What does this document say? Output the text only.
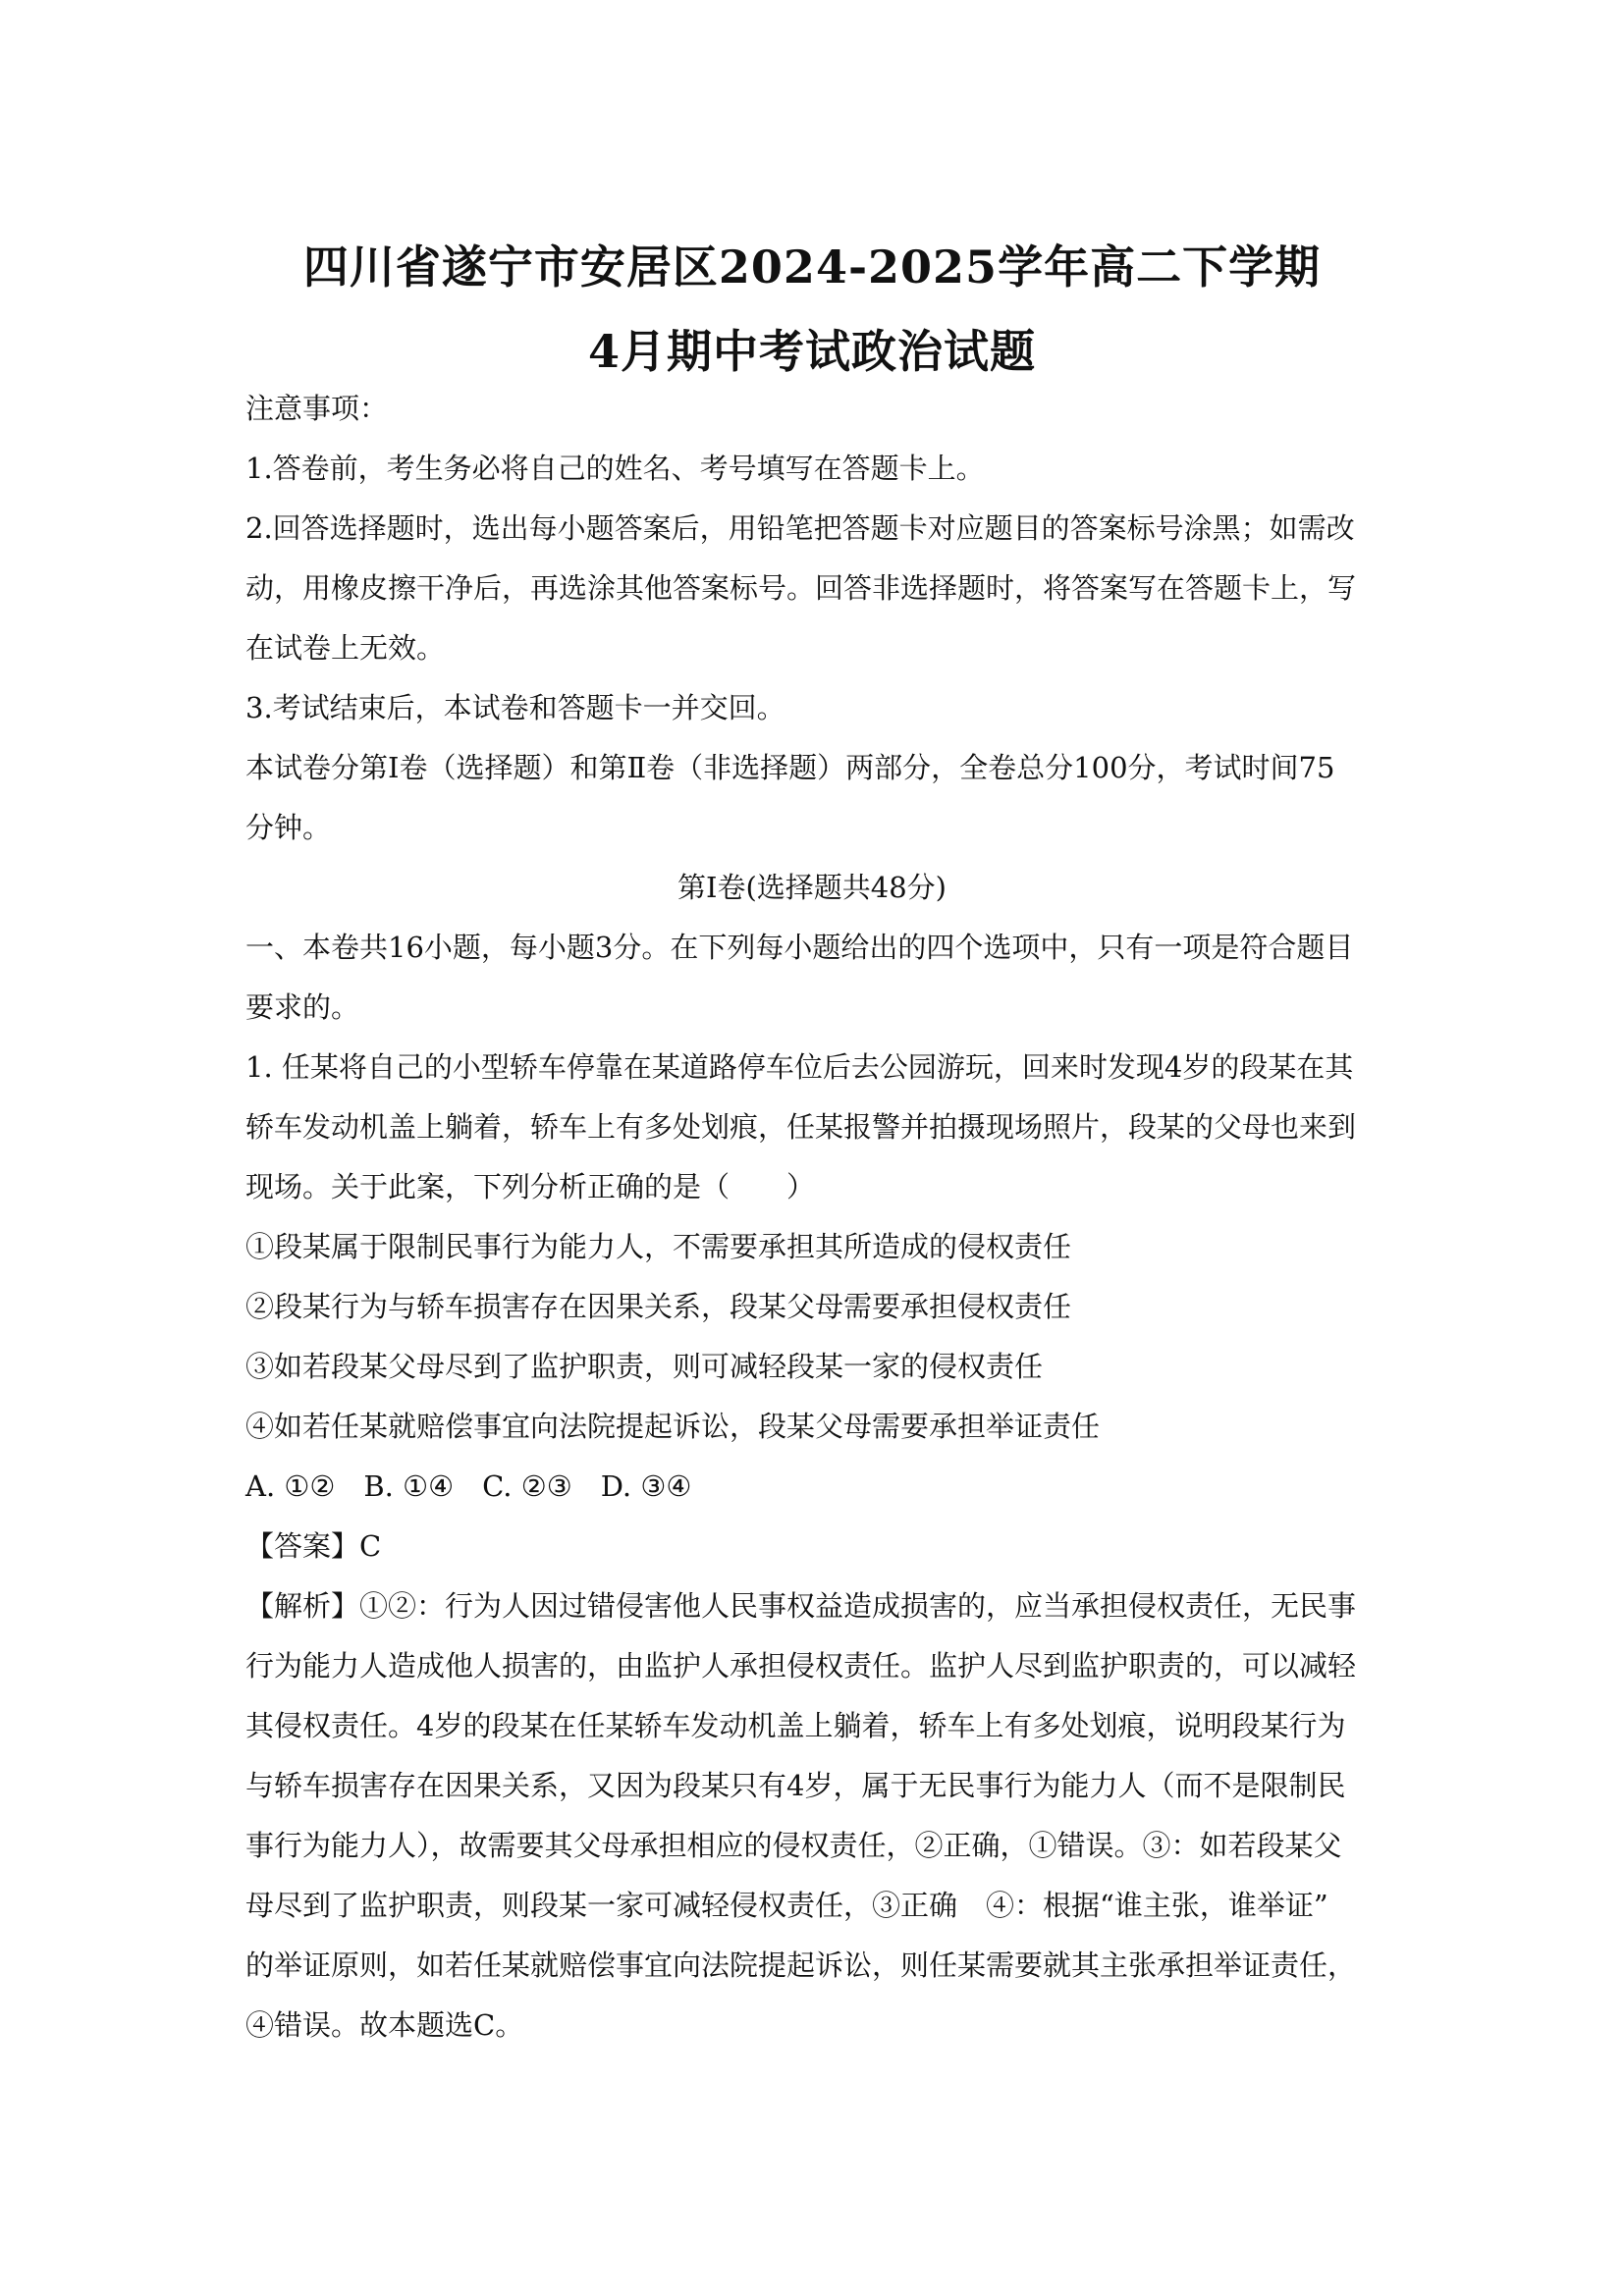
四川省遂宁市安居区2024-2025学年高二下学期
4月期中考试政治试题
注意事项：
1.答卷前，考生务必将自己的姓名、考号填写在答题卡上。
2.回答选择题时，选出每小题答案后，用铅笔把答题卡对应题目的答案标号涂黑；如需改
动，用橡皮擦干净后，再选涂其他答案标号。回答非选择题时，将答案写在答题卡上，写
在试卷上无效。
3.考试结束后，本试卷和答题卡一并交回。
本试卷分第Ⅰ卷（选择题）和第Ⅱ卷（非选择题）两部分，全卷总分100分，考试时间75
分钟。
第I卷(选择题共48分)
一、本卷共16小题，每小题3分。在下列每小题给出的四个选项中，只有一项是符合题目
要求的。
1. 任某将自己的小型轿车停靠在某道路停车位后去公园游玩，回来时发现4岁的段某在其
轿车发动机盖上躺着，轿车上有多处划痕，任某报警并拍摄现场照片，段某的父母也来到
现场。关于此案，下列分析正确的是（　　）
①段某属于限制民事行为能力人，不需要承担其所造成的侵权责任
②段某行为与轿车损害存在因果关系，段某父母需要承担侵权责任
③如若段某父母尽到了监护职责，则可减轻段某一家的侵权责任
④如若任某就赔偿事宜向法院提起诉讼，段某父母需要承担举证责任
A. ①②　B. ①④　C. ②③　D. ③④
【答案】C
【解析】①②：行为人因过错侵害他人民事权益造成损害的，应当承担侵权责任，无民事
行为能力人造成他人损害的，由监护人承担侵权责任。监护人尽到监护职责的，可以减轻
其侵权责任。4岁的段某在任某轿车发动机盖上躺着，轿车上有多处划痕，说明段某行为
与轿车损害存在因果关系，又因为段某只有4岁，属于无民事行为能力人（而不是限制民
事行为能力人），故需要其父母承担相应的侵权责任，②正确，①错误。③：如若段某父
母尽到了监护职责，则段某一家可减轻侵权责任，③正确　④：根据“谁主张，谁举证”
的举证原则，如若任某就赔偿事宜向法院提起诉讼，则任某需要就其主张承担举证责任，
④错误。故本题选C。
